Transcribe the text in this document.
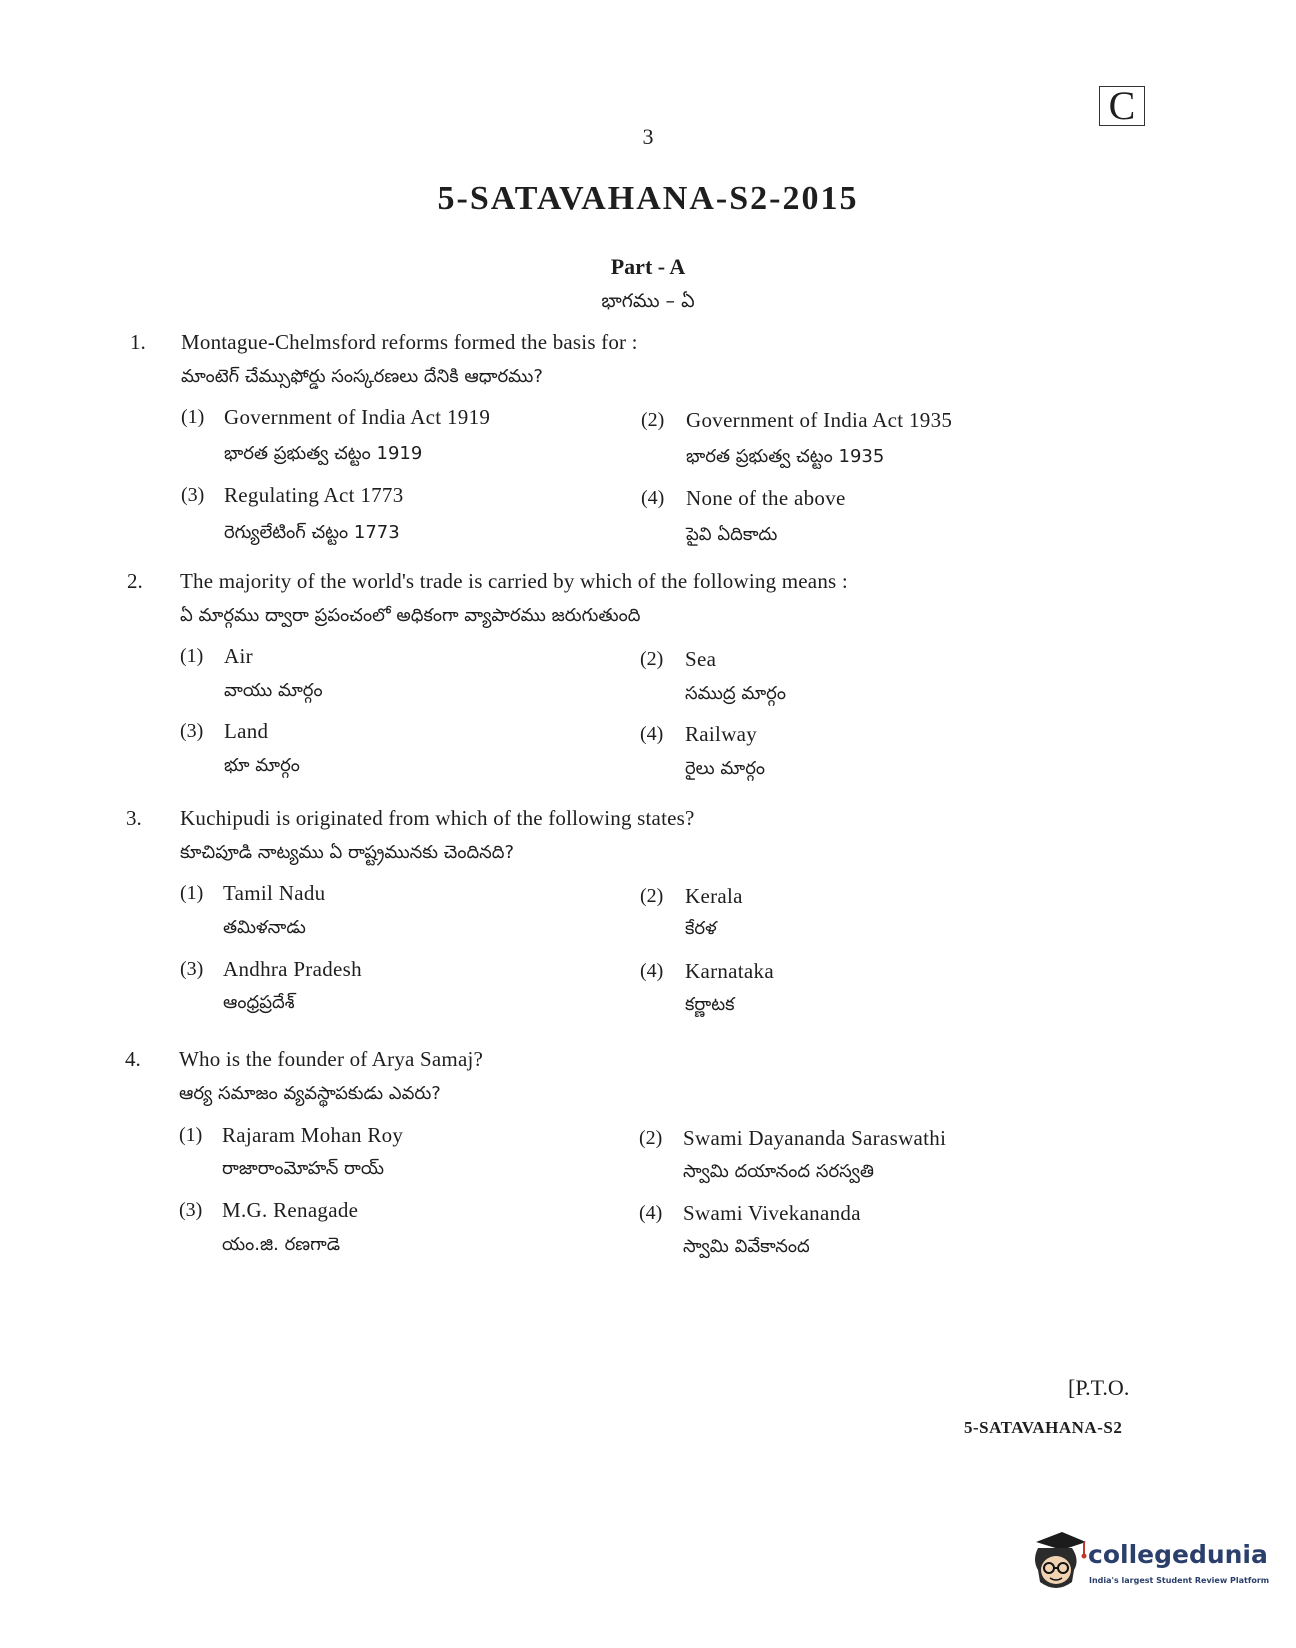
C
3
5-SATAVAHANA-S2-2015
Part - A
భాగము – ఏ
1. Montague-Chelmsford reforms formed the basis for :
మాంటెగ్ చేమ్సుఫోర్డు సంస్కరణలు దేనికి ఆధారము?
(1) Government of India Act 1919
భారత ప్రభుత్వ చట్టం 1919
(2) Government of India Act 1935
భారత ప్రభుత్వ చట్టం 1935
(3) Regulating Act 1773
రెగ్యులేటింగ్ చట్టం 1773
(4) None of the above
పైవి ఏదికాదు
2. The majority of the world's trade is carried by which of the following means :
ఏ మార్గము ద్వారా ప్రపంచంలో అధికంగా వ్యాపారము జరుగుతుంది
(1) Air
వాయు మార్గం
(2) Sea
సముద్ర మార్గం
(3) Land
భూ మార్గం
(4) Railway
రైలు మార్గం
3. Kuchipudi is originated from which of the following states?
కూచిపూడి నాట్యము ఏ రాష్ట్రమునకు చెందినది?
(1) Tamil Nadu
తమిళనాడు
(2) Kerala
కేరళ
(3) Andhra Pradesh
ఆంధ్రప్రదేశ్
(4) Karnataka
కర్ణాటక
4. Who is the founder of Arya Samaj?
ఆర్య సమాజం వ్యవస్థాపకుడు ఎవరు?
(1) Rajaram Mohan Roy
రాజారాంమోహన్ రాయ్
(2) Swami Dayananda Saraswathi
స్వామి దయానంద సరస్వతి
(3) M.G. Renagade
యం.జి. రణగాడె
(4) Swami Vivekananda
స్వామి వివేకానంద
[P.T.O.
5-SATAVAHANA-S2
collegedunia
India's largest Student Review Platform
